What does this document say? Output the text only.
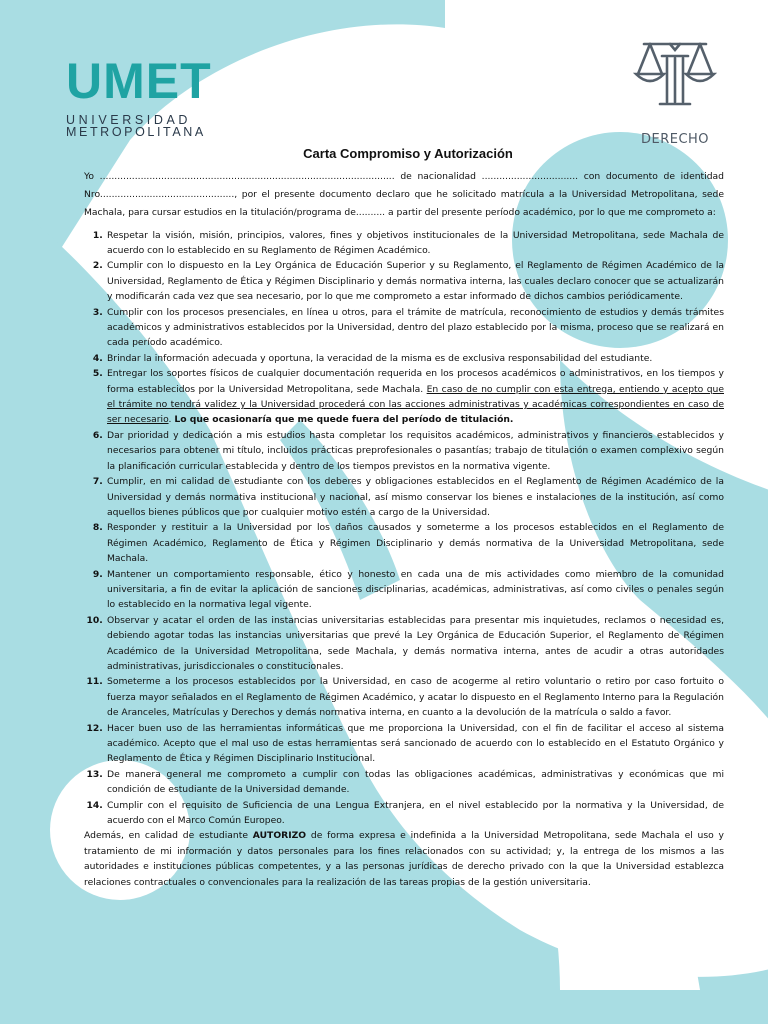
UMET
UNIVERSIDAD
METROPOLITANA	DERECHO
Carta Compromiso y Autorización

Yo ..................................................................................................... de nacionalidad ................................. con documento de identidad Nro.............................................., por el presente documento declaro que he solicitado matrícula a la Universidad Metropolitana, sede Machala, para cursar estudios en la titulación/programa de.......... a partir del presente período académico, por lo que me comprometo a:

1. Respetar la visión, misión, principios, valores, fines y objetivos institucionales de la Universidad Metropolitana, sede Machala de acuerdo con lo establecido en su Reglamento de Régimen Académico.
2. Cumplir con lo dispuesto en la Ley Orgánica de Educación Superior y su Reglamento, el Reglamento de Régimen Académico de la Universidad, Reglamento de Ética y Régimen Disciplinario y demás normativa interna, las cuales declaro conocer que se actualizarán y modificarán cada vez que sea necesario, por lo que me comprometo a estar informado de dichos cambios periódicamente.
3. Cumplir con los procesos presenciales, en línea u otros, para el trámite de matrícula, reconocimiento de estudios y demás trámites académicos y administrativos establecidos por la Universidad, dentro del plazo establecido por la misma, proceso que se realizará en cada período académico.
4. Brindar la información adecuada y oportuna, la veracidad de la misma es de exclusiva responsabilidad del estudiante.
5. Entregar los soportes físicos de cualquier documentación requerida en los procesos académicos o administrativos, en los tiempos y forma establecidos por la Universidad Metropolitana, sede Machala. En caso de no cumplir con esta entrega, entiendo y acepto que el trámite no tendrá validez y la Universidad procederá con las acciones administrativas y académicas correspondientes en caso de ser necesario. Lo que ocasionaría que me quede fuera del período de titulación.
6. Dar prioridad y dedicación a mis estudios hasta completar los requisitos académicos, administrativos y financieros establecidos y necesarios para obtener mi título, incluidos prácticas preprofesionales o pasantías; trabajo de titulación o examen complexivo según la planificación curricular establecida y dentro de los tiempos previstos en la normativa vigente.
7. Cumplir, en mi calidad de estudiante con los deberes y obligaciones establecidos en el Reglamento de Régimen Académico de la Universidad y demás normativa institucional y nacional, así mismo conservar los bienes e instalaciones de la institución, así como aquellos bienes públicos que por cualquier motivo estén a cargo de la Universidad.
8. Responder y restituir a la Universidad por los daños causados y someterme a los procesos establecidos en el Reglamento de Régimen Académico, Reglamento de Ética y Régimen Disciplinario y demás normativa de la Universidad Metropolitana, sede Machala.
9. Mantener un comportamiento responsable, ético y honesto en cada una de mis actividades como miembro de la comunidad universitaria, a fin de evitar la aplicación de sanciones disciplinarias, académicas, administrativas, así como civiles o penales según lo establecido en la normativa legal vigente.
10. Observar y acatar el orden de las instancias universitarias establecidas para presentar mis inquietudes, reclamos o necesidad es, debiendo agotar todas las instancias universitarias que prevé la Ley Orgánica de Educación Superior, el Reglamento de Régimen Académico de la Universidad Metropolitana, sede Machala, y demás normativa interna, antes de acudir a otras autoridades administrativas, jurisdiccionales o constitucionales.
11. Someterme a los procesos establecidos por la Universidad, en caso de acogerme al retiro voluntario o retiro por caso fortuito o fuerza mayor señalados en el Reglamento de Régimen Académico, y acatar lo dispuesto en el Reglamento Interno para la Regulación de Aranceles, Matrículas y Derechos y demás normativa interna, en cuanto a la devolución de la matrícula o saldo a favor.
12. Hacer buen uso de las herramientas informáticas que me proporciona la Universidad, con el fin de facilitar el acceso al sistema académico. Acepto que el mal uso de estas herramientas será sancionado de acuerdo con lo establecido en el Estatuto Orgánico y Reglamento de Ética y Régimen Disciplinario Institucional.
13. De manera general me comprometo a cumplir con todas las obligaciones académicas, administrativas y económicas que mi condición de estudiante de la Universidad demande.
14. Cumplir con el requisito de Suficiencia de una Lengua Extranjera, en el nivel establecido por la normativa y la Universidad, de acuerdo con el Marco Común Europeo.

Además, en calidad de estudiante AUTORIZO de forma expresa e indefinida a la Universidad Metropolitana, sede Machala el uso y tratamiento de mi información y datos personales para los fines relacionados con su actividad; y, la entrega de los mismos a las autoridades e instituciones públicas competentes, y a las personas jurídicas de derecho privado con la que la Universidad establezca relaciones contractuales o convencionales para la realización de las tareas propias de la gestión universitaria.
